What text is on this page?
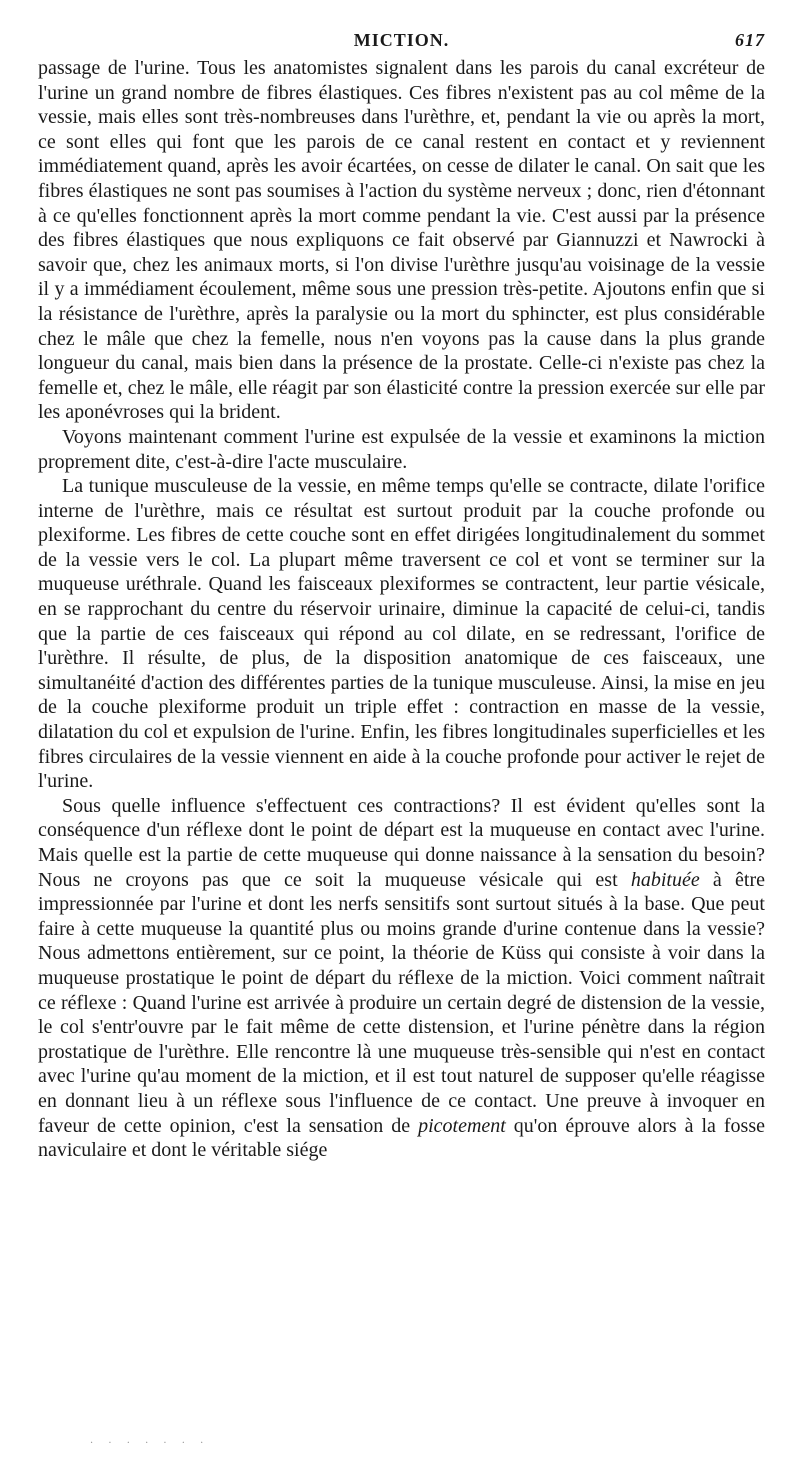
MICTION.	617

passage de l'urine. Tous les anatomistes signalent dans les parois du canal excréteur de l'urine un grand nombre de fibres élastiques. Ces fibres n'existent pas au col même de la vessie, mais elles sont très-nombreuses dans l'urèthre, et, pendant la vie ou après la mort, ce sont elles qui font que les parois de ce canal restent en contact et y reviennent immédiatement quand, après les avoir écartées, on cesse de dilater le canal. On sait que les fibres élastiques ne sont pas soumises à l'action du système nerveux ; donc, rien d'étonnant à ce qu'elles fonctionnent après la mort comme pendant la vie. C'est aussi par la présence des fibres élastiques que nous expliquons ce fait observé par Giannuzzi et Nawrocki à savoir que, chez les animaux morts, si l'on divise l'urèthre jusqu'au voisinage de la vessie il y a immédiament écoulement, même sous une pression très-petite. Ajoutons enfin que si la résistance de l'urèthre, après la paralysie ou la mort du sphincter, est plus considérable chez le mâle que chez la femelle, nous n'en voyons pas la cause dans la plus grande longueur du canal, mais bien dans la présence de la prostate. Celle-ci n'existe pas chez la femelle et, chez le mâle, elle réagit par son élasticité contre la pression exercée sur elle par les aponévroses qui la brident.

Voyons maintenant comment l'urine est expulsée de la vessie et examinons la miction proprement dite, c'est-à-dire l'acte musculaire.

La tunique musculeuse de la vessie, en même temps qu'elle se contracte, dilate l'orifice interne de l'urèthre, mais ce résultat est surtout produit par la couche profonde ou plexiforme. Les fibres de cette couche sont en effet dirigées longitudinalement du sommet de la vessie vers le col. La plupart même traversent ce col et vont se terminer sur la muqueuse uréthrale. Quand les faisceaux plexiformes se contractent, leur partie vésicale, en se rapprochant du centre du réservoir urinaire, diminue la capacité de celui-ci, tandis que la partie de ces faisceaux qui répond au col dilate, en se redressant, l'orifice de l'urèthre. Il résulte, de plus, de la disposition anatomique de ces faisceaux, une simultanéité d'action des différentes parties de la tunique musculeuse. Ainsi, la mise en jeu de la couche plexiforme produit un triple effet : contraction en masse de la vessie, dilatation du col et expulsion de l'urine. Enfin, les fibres longitudinales superficielles et les fibres circulaires de la vessie viennent en aide à la couche profonde pour activer le rejet de l'urine.

Sous quelle influence s'effectuent ces contractions? Il est évident qu'elles sont la conséquence d'un réflexe dont le point de départ est la muqueuse en contact avec l'urine. Mais quelle est la partie de cette muqueuse qui donne naissance à la sensation du besoin? Nous ne croyons pas que ce soit la muqueuse vésicale qui est habituée à être impressionnée par l'urine et dont les nerfs sensitifs sont surtout situés à la base. Que peut faire à cette muqueuse la quantité plus ou moins grande d'urine contenue dans la vessie? Nous admettons entièrement, sur ce point, la théorie de Küss qui consiste à voir dans la muqueuse prostatique le point de départ du réflexe de la miction. Voici comment naîtrait ce réflexe : Quand l'urine est arrivée à produire un certain degré de distension de la vessie, le col s'entr'ouvre par le fait même de cette distension, et l'urine pénètre dans la région prostatique de l'urèthre. Elle rencontre là une muqueuse très-sensible qui n'est en contact avec l'urine qu'au moment de la miction, et il est tout naturel de supposer qu'elle réagisse en donnant lieu à un réflexe sous l'influence de ce contact. Une preuve à invoquer en faveur de cette opinion, c'est la sensation de picotement qu'on éprouve alors à la fosse naviculaire et dont le véritable siége

· · · · · · ·
